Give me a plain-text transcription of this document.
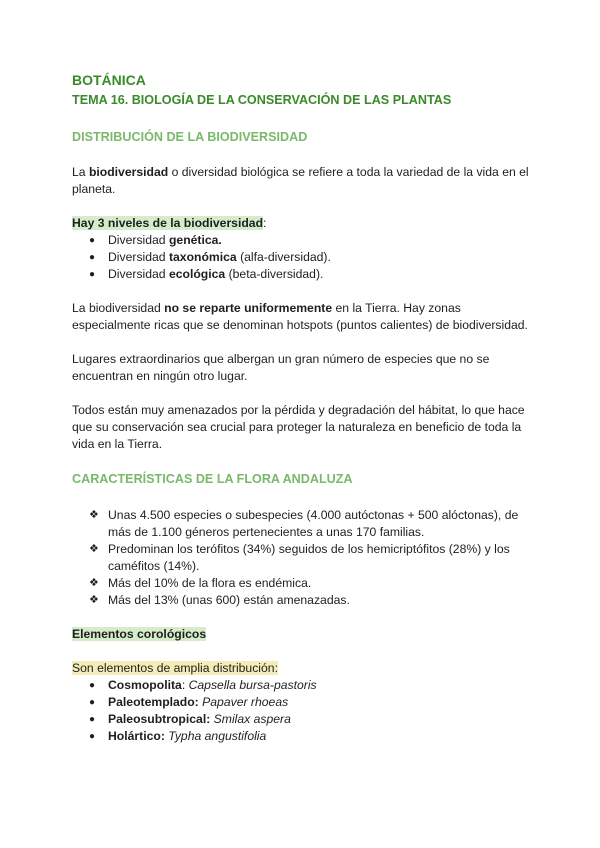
BOTÁNICA
TEMA 16. BIOLOGÍA DE LA CONSERVACIÓN DE LAS PLANTAS
DISTRIBUCIÓN DE LA BIODIVERSIDAD

La biodiversidad o diversidad biológica se refiere a toda la variedad de la vida en el planeta.

Hay 3 niveles de la biodiversidad:

● Diversidad genética.
● Diversidad taxonómica (alfa-diversidad).
● Diversidad ecológica (beta-diversidad).

La biodiversidad no se reparte uniformemente en la Tierra. Hay zonas especialmente ricas que se denominan hotspots (puntos calientes) de biodiversidad.

Lugares extraordinarios que albergan un gran número de especies que no se encuentran en ningún otro lugar.

Todos están muy amenazados por la pérdida y degradación del hábitat, lo que hace que su conservación sea crucial para proteger la naturaleza en beneficio de toda la vida en la Tierra.

CARACTERÍSTICAS DE LA FLORA ANDALUZA
❖ Unas 4.500 especies o subespecies (4.000 autóctonas + 500 alóctonas), de más de 1.100 géneros pertenecientes a unas 170 familias.
❖ Predominan los terófitos (34%) seguidos de los hemicriptófitos (28%) y los caméfitos (14%).
❖ Más del 10% de la flora es endémica.
❖ Más del 13% (unas 600) están amenazadas.

Elementos corológicos

Son elementos de amplia distribución:

● Cosmopolita: Capsella bursa-pastoris
● Paleotemplado: Papaver rhoeas
● Paleosubtropical: Smilax aspera
● Holártico: Typha angustifolia
